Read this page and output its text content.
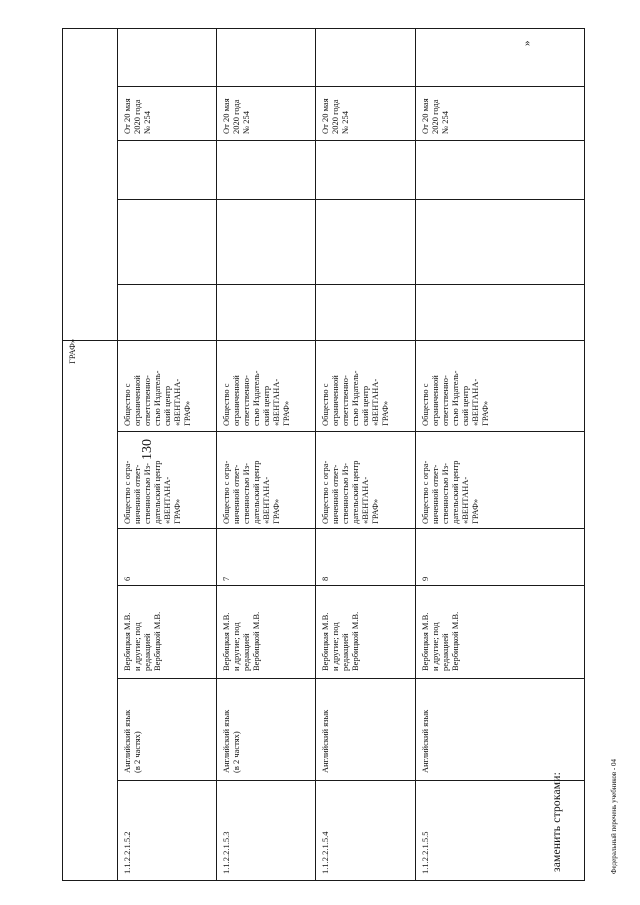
130
ГРАФ»
1.1.2.2.1.5.2
Английский язык
(в 2 частях)
Вербицкая М.В.
и другие; под
редакцией
Вербицкой М.В.
6
Общество с огра-
ниченной ответ-
ственностью Из-
дательский центр
«ВЕНТАНА-
ГРАФ»
Общество с
ограниченной
ответственно-
стью Издатель-
ский центр
«ВЕНТАНА-
ГРАФ»
От 20 мая
2020 года
№ 254
1.1.2.2.1.5.3
Английский язык
(в 2 частях)
Вербицкая М.В.
и другие; под
редакцией
Вербицкой М.В.
7
Общество с огра-
ниченной ответ-
ственностью Из-
дательский центр
«ВЕНТАНА-
ГРАФ»
Общество с
ограниченной
ответственно-
стью Издатель-
ский центр
«ВЕНТАНА-
ГРАФ»
От 20 мая
2020 года
№ 254
1.1.2.2.1.5.4
Английский язык
Вербицкая М.В.
и другие; под
редакцией
Вербицкой М.В.
8
Общество с огра-
ниченной ответ-
ственностью Из-
дательский центр
«ВЕНТАНА-
ГРАФ»
Общество с
ограниченной
ответственно-
стью Издатель-
ский центр
«ВЕНТАНА-
ГРАФ»
От 20 мая
2020 года
№ 254
1.1.2.2.1.5.5
Английский язык
Вербицкая М.В.
и другие; под
редакцией
Вербицкой М.В.
9
Общество с огра-
ниченной ответ-
ственностью Из-
дательский центр
«ВЕНТАНА-
ГРАФ»
Общество с
ограниченной
ответственно-
стью Издатель-
ский центр
«ВЕНТАНА-
ГРАФ»
От 20 мая
2020 года
№ 254
»
заменить строками:	Федеральный перечень учебников - 04
